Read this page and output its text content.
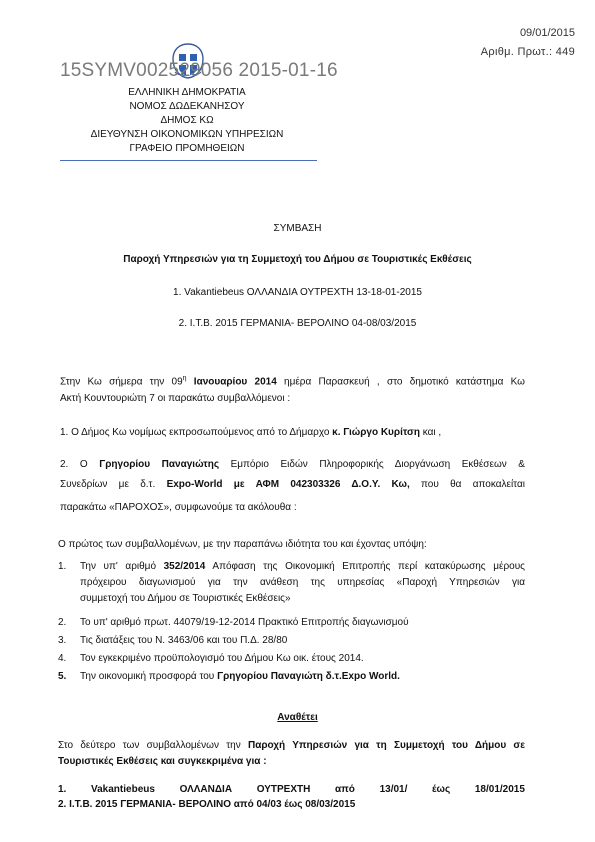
09/01/2015
Αριθμ. Πρωτ.: 449
15SYMV002529056 2015-01-16
ΕΛΛΗΝΙΚΗ ΔΗΜΟΚΡΑΤΙΑ
ΝΟΜΟΣ ΔΩΔΕΚΑΝΗΣΟΥ
ΔΗΜΟΣ ΚΩ
ΔΙΕΥΘΥΝΣΗ ΟΙΚΟΝΟΜΙΚΩΝ ΥΠΗΡΕΣΙΩΝ
ΓΡΑΦΕΙΟ ΠΡΟΜΗΘΕΙΩΝ
ΣΥΜΒΑΣΗ
Παροχή Υπηρεσιών για τη Συμμετοχή του Δήμου σε Τουριστικές Εκθέσεις
1. Vakantiebeus ΟΛΛΑΝΔΙΑ ΟΥΤΡΕΧΤΗ 13-18-01-2015
2. I.T.B. 2015 ΓΕΡΜΑΝΙΑ- ΒΕΡΟΛΙΝΟ 04-08/03/2015
Στην Κω σήμερα την $09^\eta$ Ιανουαρίου 2014 ημέρα Παρασκευή , στο δημοτικό κατάστημα Κω
Ακτή Κουντουριώτη 7 οι παρακάτω συμβαλλόμενοι :
1. Ο Δήμος Κω νομίμως εκπροσωπούμενος από το Δήμαρχο κ. Γιώργο Κυρίτση και ,
2. Ο Γρηγορίου Παναγιώτης Εμπόριο Ειδών Πληροφορικής Διοργάνωση Εκθέσεων &
Συνεδρίων με δ.τ. Expo-World με ΑΦΜ 042303326 Δ.Ο.Υ. Κω, που θα αποκαλείται
παρακάτω «ΠΑΡΟΧΟΣ», συμφωνούμε τα ακόλουθα :
Ο πρώτος των συμβαλλομένων, με την παραπάνω ιδιότητα του και έχοντας υπόψη:
1. Την υπ' αριθμό 352/2014 Απόφαση της Οικονομική Επιτροπής περί κατακύρωσης μέρους
πρόχειρου διαγωνισμού για την ανάθεση της υπηρεσίας «Παροχή Υπηρεσιών για
συμμετοχή του Δήμου σε Τουριστικές Εκθέσεις»
2. Το υπ' αριθμό πρωτ. 44079/19-12-2014 Πρακτικό Επιτροπής διαγωνισμού
3. Τις διατάξεις του Ν. 3463/06 και του Π.Δ. 28/80
4. Τον εγκεκριμένο προϋπολογισμό του Δήμου Κω οικ. έτους 2014.
5. Την οικονομική προσφορά του Γρηγορίου Παναγιώτη δ.τ.Expo World.
Αναθέτει
Στο δεύτερο των συμβαλλομένων την Παροχή Υπηρεσιών για τη Συμμετοχή του Δήμου σε
Τουριστικές Εκθέσεις και συγκεκριμένα για :
1. Vakantiebeus ΟΛΛΑΝΔΙΑ ΟΥΤΡΕΧΤΗ από 13/01/ έως 18/01/2015
2. I.T.B. 2015 ΓΕΡΜΑΝΙΑ- ΒΕΡΟΛΙΝΟ από 04/03 έως 08/03/2015
